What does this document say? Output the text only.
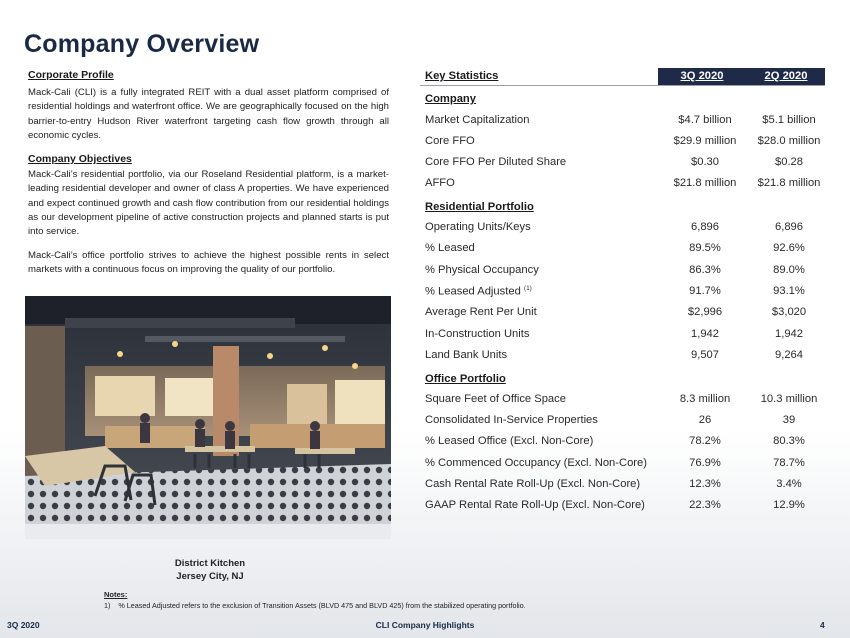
Company Overview
Corporate Profile
Mack-Cali (CLI) is a fully integrated REIT with a dual asset platform comprised of residential holdings and waterfront office. We are geographically focused on the high barrier-to-entry Hudson River waterfront targeting cash flow growth through all economic cycles.
Company Objectives
Mack-Cali’s residential portfolio, via our Roseland Residential platform, is a market-leading residential developer and owner of class A properties. We have experienced and expect continued growth and cash flow contribution from our residential holdings as our development pipeline of active construction projects and planned starts is put into service.
Mack-Cali’s office portfolio strives to achieve the highest possible rents in select markets with a continuous focus on improving the quality of our portfolio.
District Kitchen
Jersey City, NJ
Key Statistics	3Q 2020	2Q 2020
Company
Market Capitalization	$4.7 billion	$5.1 billion
Core FFO	$29.9 million	$28.0 million
Core FFO Per Diluted Share	$0.30	$0.28
AFFO	$21.8 million	$21.8 million
Residential Portfolio
Operating Units/Keys	6,896	6,896
% Leased	89.5%	92.6%
% Physical Occupancy	86.3%	89.0%
% Leased Adjusted $^{(1)}$	91.7%	93.1%
Average Rent Per Unit	$2,996	$3,020
In-Construction Units	1,942	1,942
Land Bank Units	9,507	9,264
Office Portfolio
Square Feet of Office Space	8.3 million	10.3 million
Consolidated In-Service Properties	26	39
% Leased Office (Excl. Non-Core)	78.2%	80.3%
% Commenced Occupancy (Excl. Non-Core)	76.9%	78.7%
Cash Rental Rate Roll-Up (Excl. Non-Core)	12.3%	3.4%
GAAP Rental Rate Roll-Up (Excl. Non-Core)	22.3%	12.9%
Notes:
1)    % Leased Adjusted refers to the exclusion of Transition Assets (BLVD 475 and BLVD 425) from the stabilized operating portfolio.
3Q 2020	CLI Company Highlights	4
